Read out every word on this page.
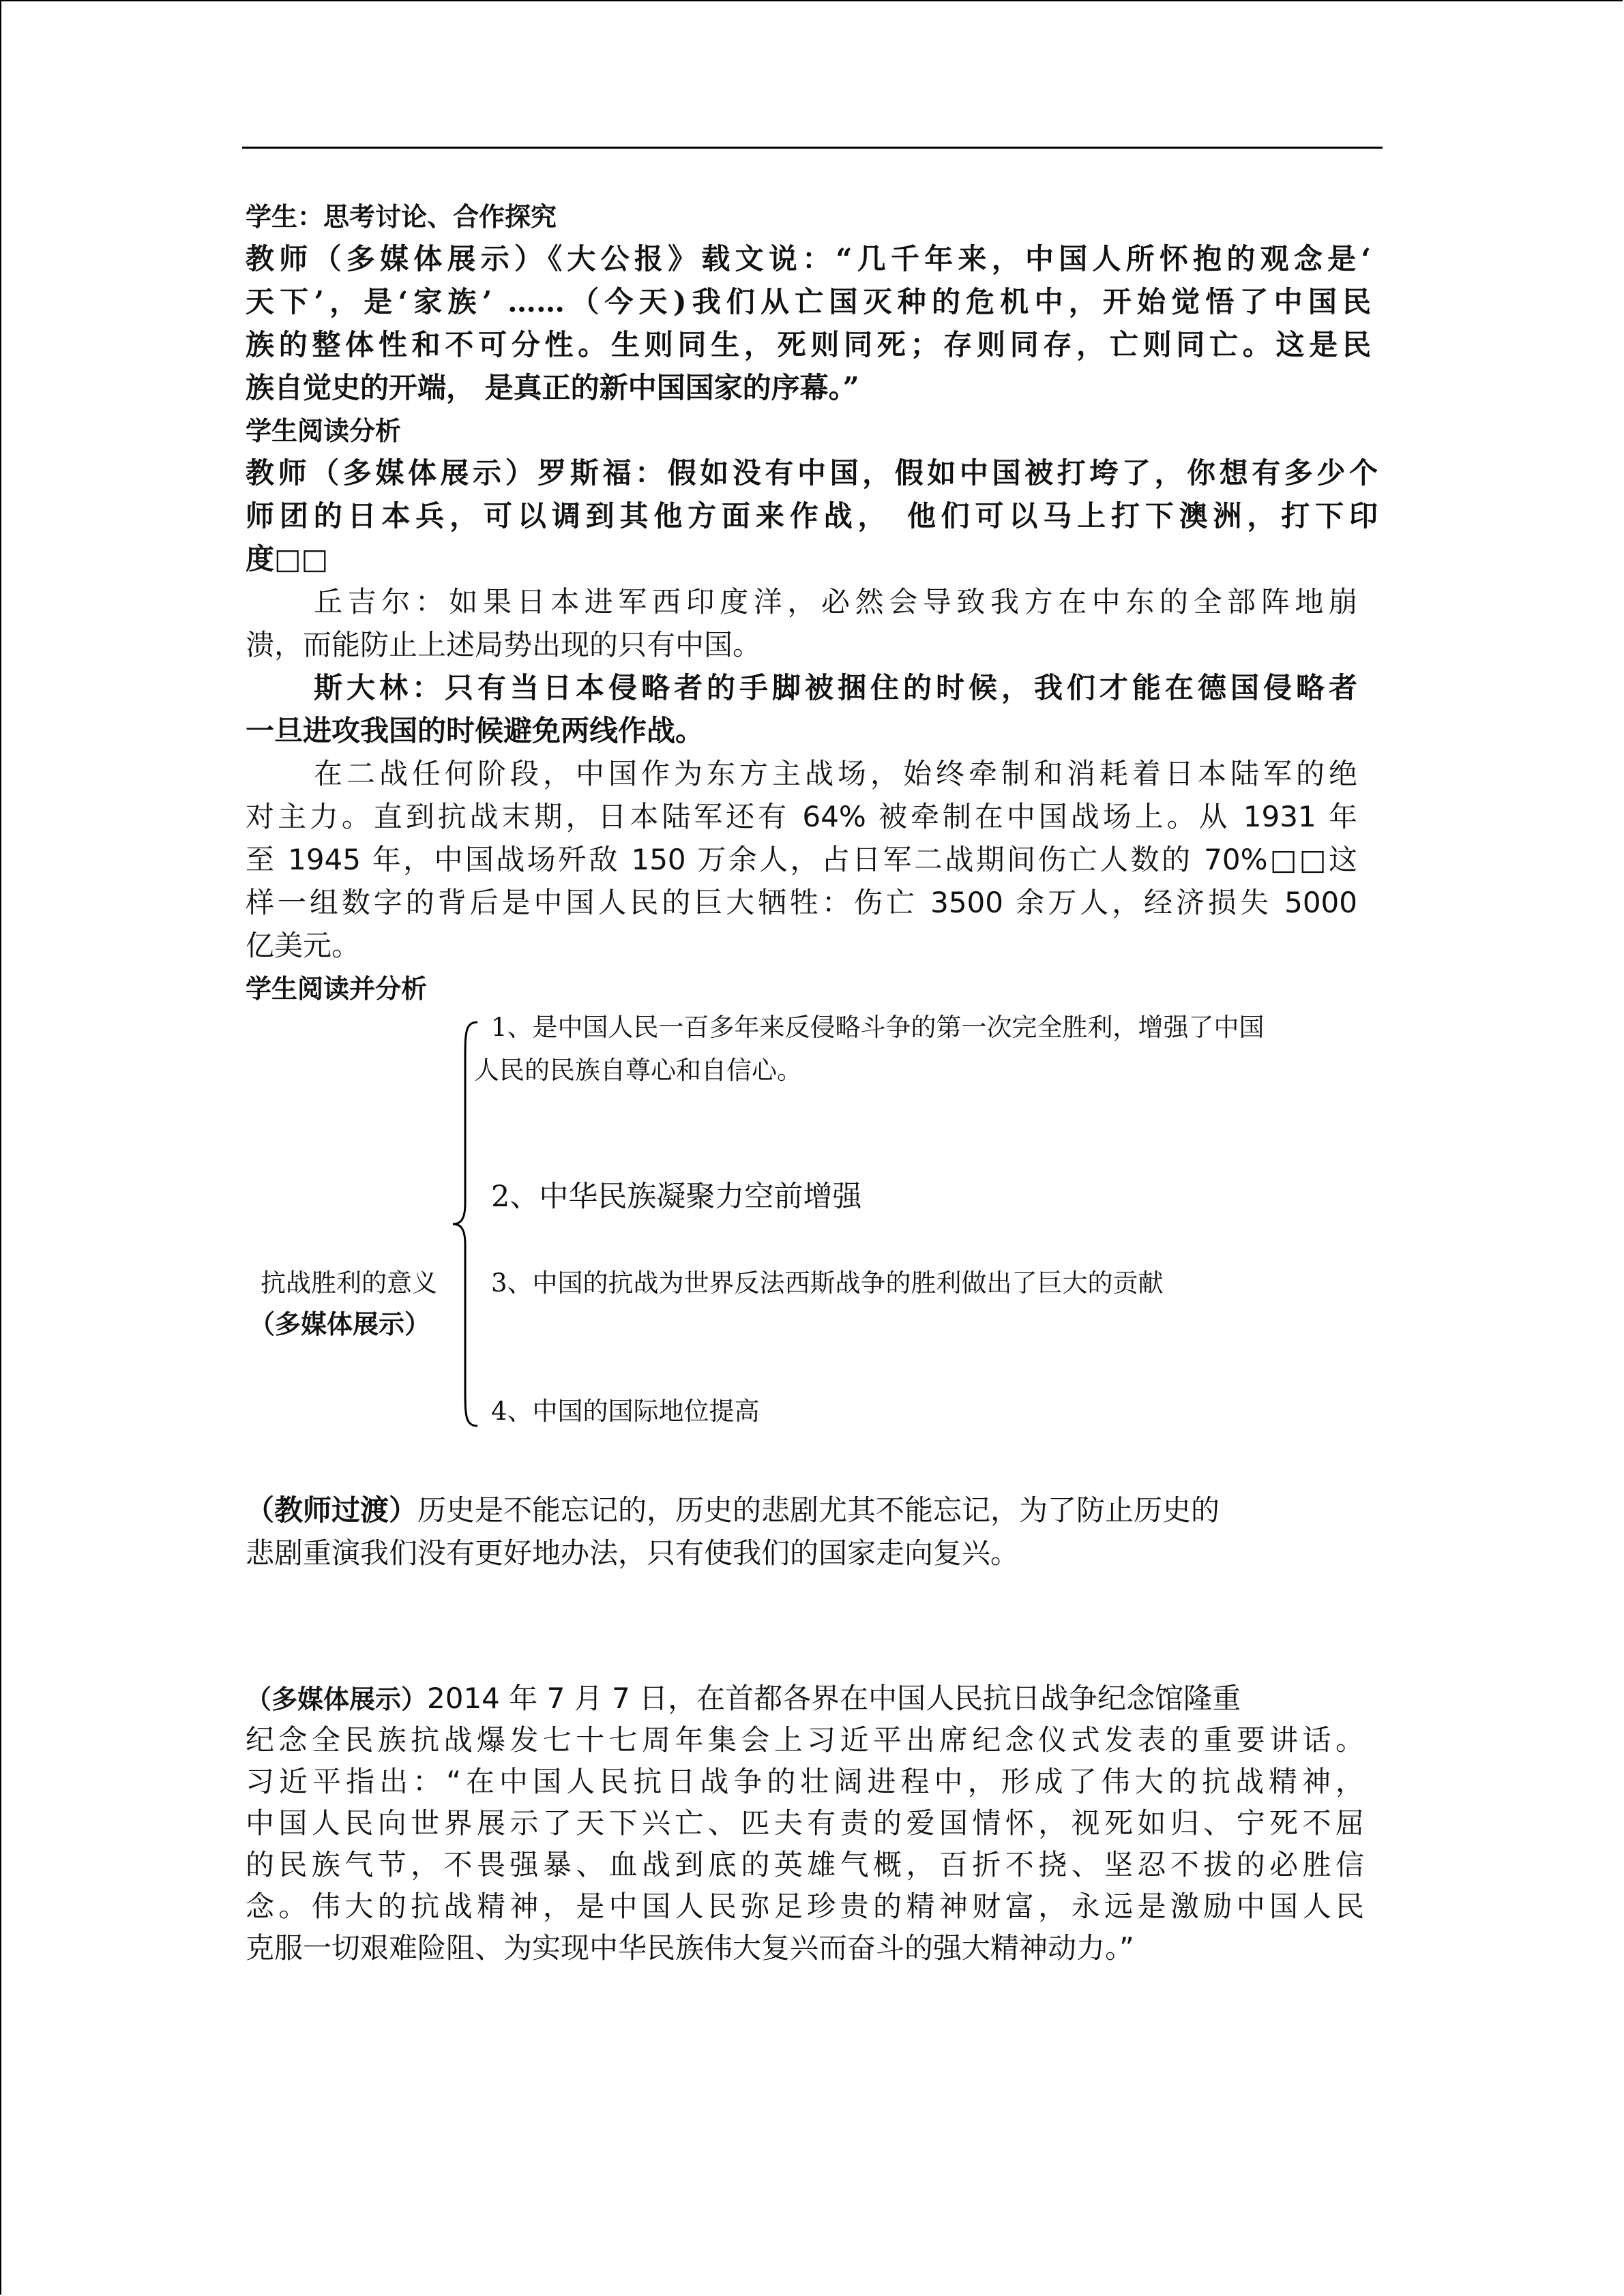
学生：思考讨论、合作探究
教师（多媒体展示）《大公报》载文说：“几千年来，中国人所怀抱的观念是‘
天下’，是‘家族’ ……（今天)我们从亡国灭种的危机中，开始觉悟了中国民
族的整体性和不可分性。生则同生，死则同死；存则同存，亡则同亡。这是民
族自觉史的开端， 是真正的新中国国家的序幕。”
学生阅读分析
教师（多媒体展示）罗斯福：假如没有中国，假如中国被打垮了，你想有多少个
师团的日本兵，可以调到其他方面来作战， 他们可以马上打下澳洲，打下印
度□□
丘吉尔：如果日本进军西印度洋，必然会导致我方在中东的全部阵地崩
溃，而能防止上述局势出现的只有中国。
斯大林：只有当日本侵略者的手脚被捆住的时候，我们才能在德国侵略者
一旦进攻我国的时候避免两线作战。
在二战任何阶段，中国作为东方主战场，始终牵制和消耗着日本陆军的绝
对主力。直到抗战末期，日本陆军还有 64% 被牵制在中国战场上。从 1931 年
至 1945 年，中国战场歼敌 150 万余人，占日军二战期间伤亡人数的 70%□□这
样一组数字的背后是中国人民的巨大牺牲：伤亡 3500 余万人，经济损失 5000
亿美元。
学生阅读并分析
1、是中国人民一百多年来反侵略斗争的第一次完全胜利，增强了中国
人民的民族自尊心和自信心。
2、中华民族凝聚力空前增强
3、中国的抗战为世界反法西斯战争的胜利做出了巨大的贡献
4、中国的国际地位提高
抗战胜利的意义
（多媒体展示）
（教师过渡）历史是不能忘记的，历史的悲剧尤其不能忘记，为了防止历史的
悲剧重演我们没有更好地办法，只有使我们的国家走向复兴。
（多媒体展示）2014 年 7 月 7 日，在首都各界在中国人民抗日战争纪念馆隆重
纪念全民族抗战爆发七十七周年集会上习近平出席纪念仪式发表的重要讲话。
习近平指出：“在中国人民抗日战争的壮阔进程中，形成了伟大的抗战精神，
中国人民向世界展示了天下兴亡、匹夫有责的爱国情怀，视死如归、宁死不屈
的民族气节，不畏强暴、血战到底的英雄气概，百折不挠、坚忍不拔的必胜信
念。伟大的抗战精神，是中国人民弥足珍贵的精神财富，永远是激励中国人民
克服一切艰难险阻、为实现中华民族伟大复兴而奋斗的强大精神动力。”
